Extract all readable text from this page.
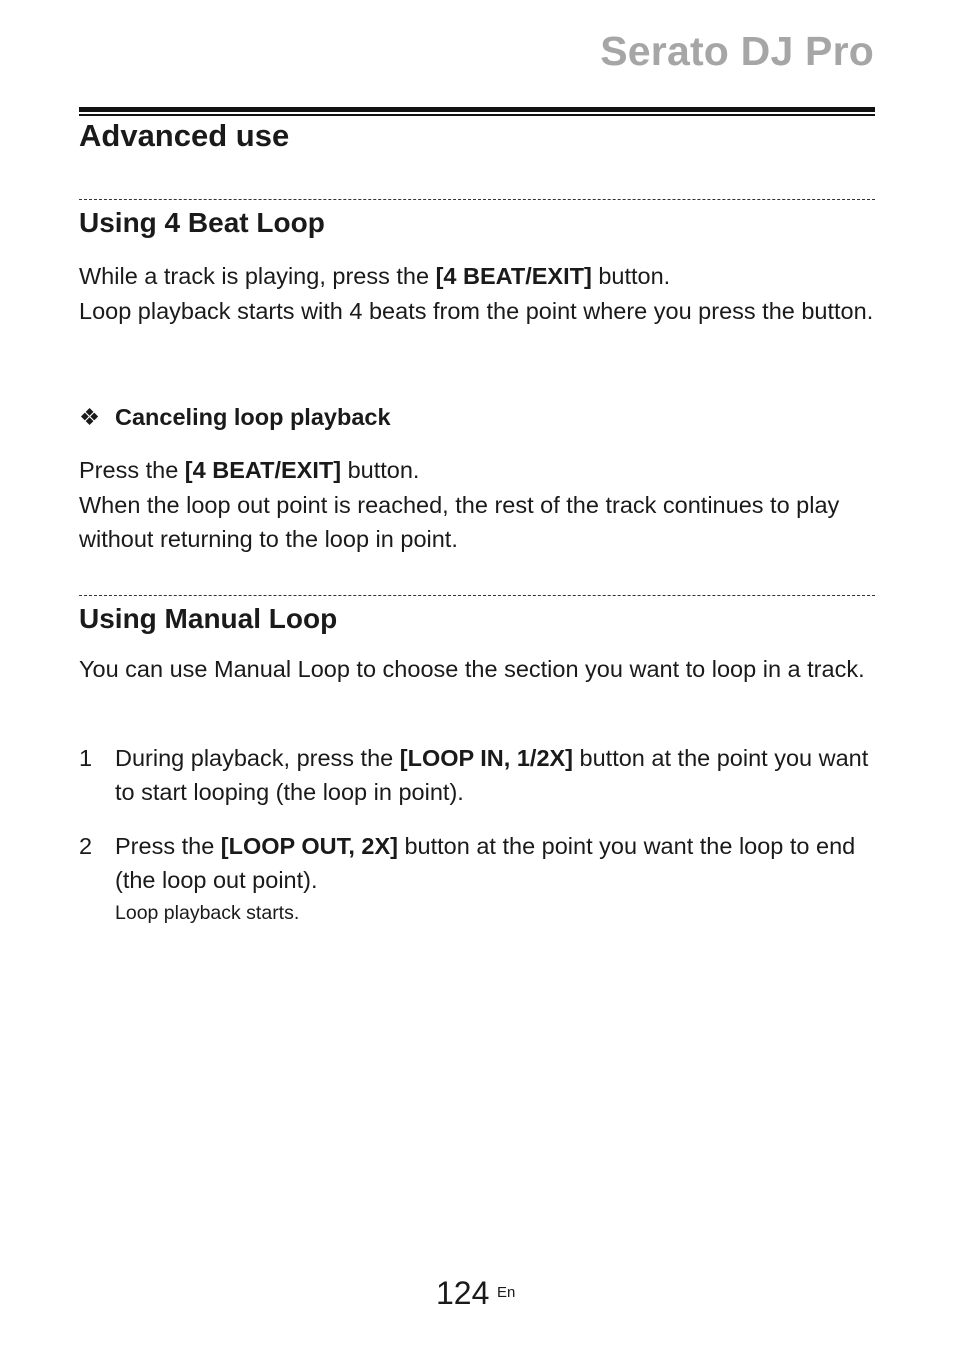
Serato DJ Pro
Advanced use
Using 4 Beat Loop

While a track is playing, press the [4 BEAT/EXIT] button.

Loop playback starts with 4 beats from the point where you press the button.

❖ Canceling loop playback

Press the [4 BEAT/EXIT] button.

When the loop out point is reached, the rest of the track continues to play without returning to the loop in point.

Using Manual Loop

You can use Manual Loop to choose the section you want to loop in a track.

1 During playback, press the [LOOP IN, 1/2X] button at the point you want to start looping (the loop in point).
2 Press the [LOOP OUT, 2X] button at the point you want the loop to end (the loop out point).
Loop playback starts.
124 En
